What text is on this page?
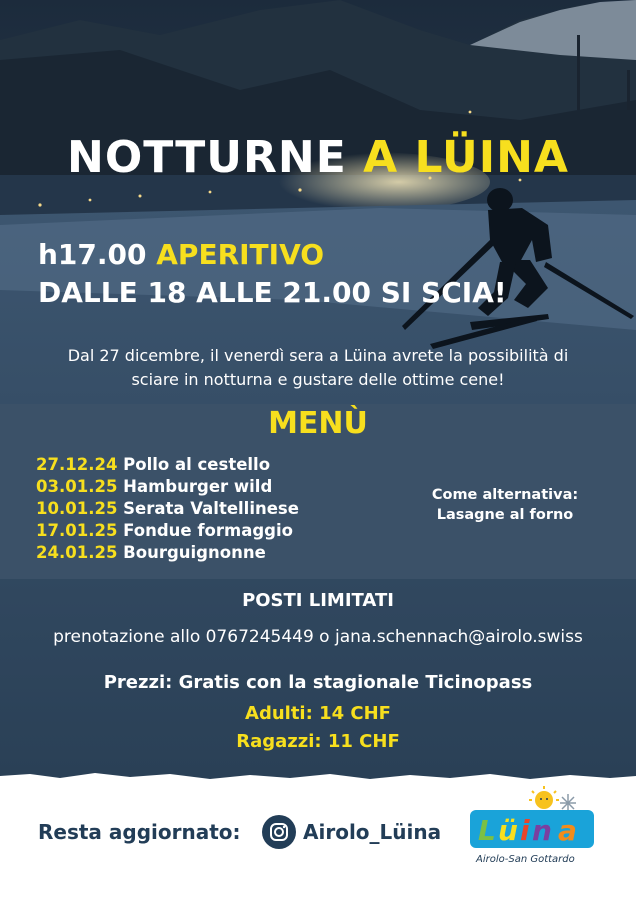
NOTTURNE A LÜINA
h17.00 APERITIVO
DALLE 18 ALLE 21.00 SI SCIA!
Dal 27 dicembre, il venerdì sera a Lüina avrete la possibilità di
sciare in notturna e gustare delle ottime cene!
MENÙ
27.12.24 Pollo al cestello
03.01.25 Hamburger wild
10.01.25 Serata Valtellinese
17.01.25 Fondue formaggio
24.01.25 Bourguignonne
Come alternativa:
Lasagne al forno
POSTI LIMITATI
prenotazione allo 0767245449 o jana.schennach@airolo.swiss
Prezzi: Gratis con la stagionale Ticinopass
Adulti: 14 CHF
Ragazzi: 11 CHF
Resta aggiornato:	Airolo_Lüina L ü i n a
Airolo-San Gottardo
